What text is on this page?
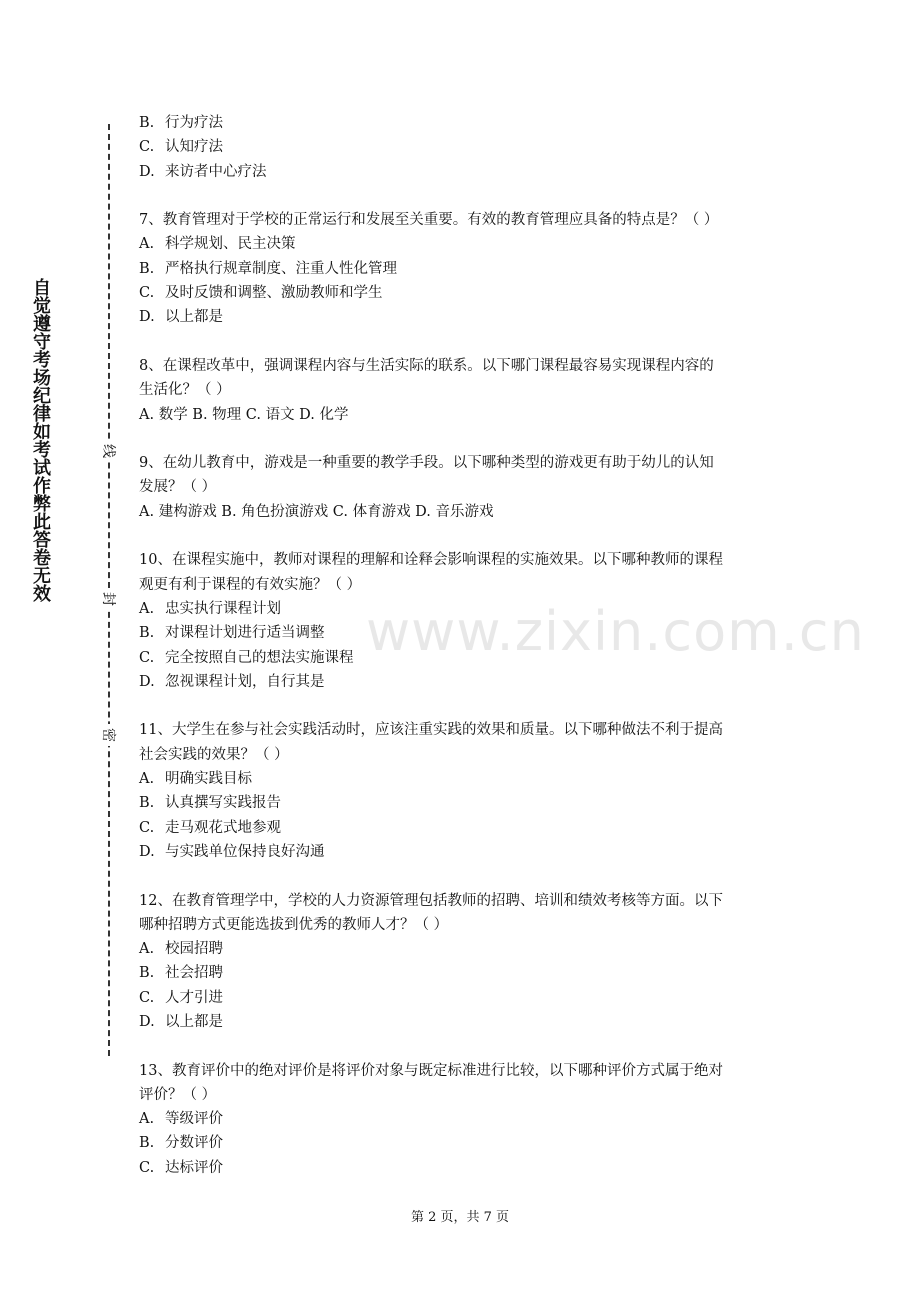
自觉遵守考场纪律如考试作弊此答卷无效	线
封
密
www.zixin.com.cn
B. 行为疗法
C. 认知疗法
D. 来访者中心疗法
7、教育管理对于学校的正常运行和发展至关重要。有效的教育管理应具备的特点是？（ ）
A. 科学规划、民主决策
B. 严格执行规章制度、注重人性化管理
C. 及时反馈和调整、激励教师和学生
D. 以上都是
8、在课程改革中，强调课程内容与生活实际的联系。以下哪门课程最容易实现课程内容的
生活化？（ ）
A. 数学 B. 物理 C. 语文 D. 化学
9、在幼儿教育中，游戏是一种重要的教学手段。以下哪种类型的游戏更有助于幼儿的认知
发展？（ ）
A. 建构游戏 B. 角色扮演游戏 C. 体育游戏 D. 音乐游戏
10、在课程实施中，教师对课程的理解和诠释会影响课程的实施效果。以下哪种教师的课程
观更有利于课程的有效实施？（ ）
A. 忠实执行课程计划
B. 对课程计划进行适当调整
C. 完全按照自己的想法实施课程
D. 忽视课程计划，自行其是
11、大学生在参与社会实践活动时，应该注重实践的效果和质量。以下哪种做法不利于提高
社会实践的效果？（ ）
A. 明确实践目标
B. 认真撰写实践报告
C. 走马观花式地参观
D. 与实践单位保持良好沟通
12、在教育管理学中，学校的人力资源管理包括教师的招聘、培训和绩效考核等方面。以下
哪种招聘方式更能选拔到优秀的教师人才？（ ）
A. 校园招聘
B. 社会招聘
C. 人才引进
D. 以上都是
13、教育评价中的绝对评价是将评价对象与既定标准进行比较，以下哪种评价方式属于绝对
评价？（ ）
A. 等级评价
B. 分数评价
C. 达标评价
第 2 页，共 7 页
